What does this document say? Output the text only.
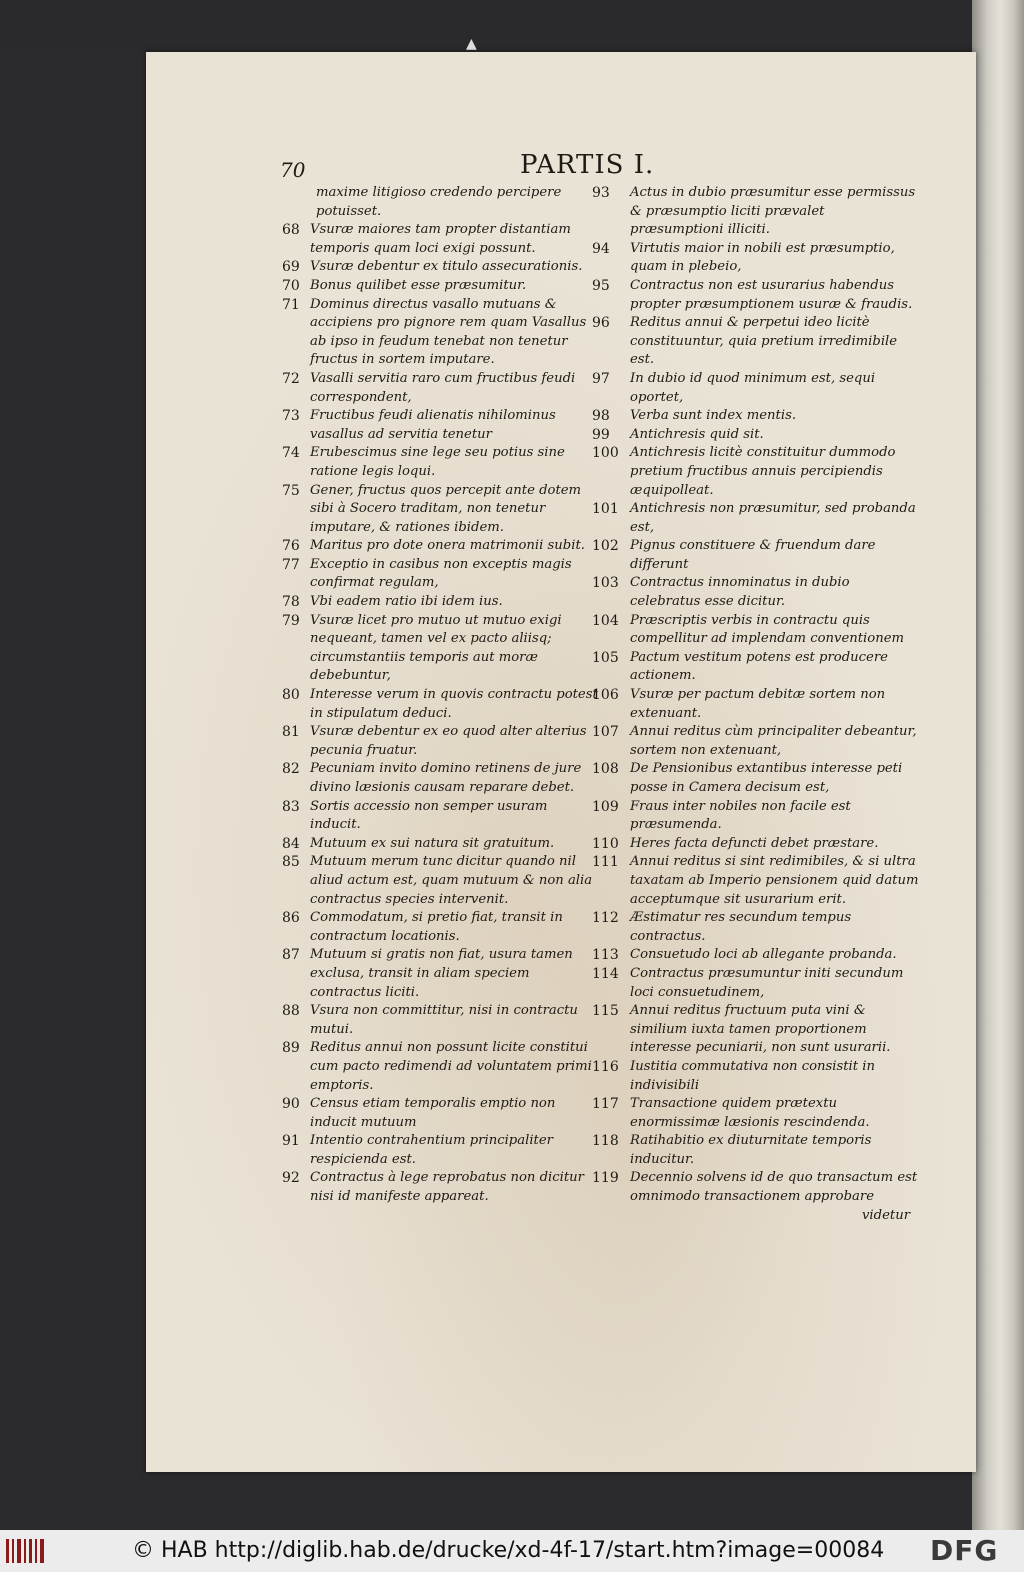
▲
70	PARTIS I.
maxime litigioso credendo percipere potuisset.
68 Vsuræ maiores tam propter distantiam temporis quam loci exigi possunt.
69 Vsuræ debentur ex titulo assecurationis.
70 Bonus quilibet esse præsumitur.
71 Dominus directus vasallo mutuans & accipiens pro pignore rem quam Vasallus ab ipso in feudum tenebat non tenetur fructus in sortem imputare.
72 Vasalli servitia raro cum fructibus feudi correspondent,
73 Fructibus feudi alienatis nihilominus vasallus ad servitia tenetur
74 Erubescimus sine lege seu potius sine ratione legis loqui.
75 Gener, fructus quos percepit ante dotem sibi à Socero traditam, non tenetur imputare, & rationes ibidem.
76 Maritus pro dote onera matrimonii subit.
77 Exceptio in casibus non exceptis magis confirmat regulam,
78 Vbi eadem ratio ibi idem ius.
79 Vsuræ licet pro mutuo ut mutuo exigi nequeant, tamen vel ex pacto aliisq; circumstantiis temporis aut moræ debebuntur,
80 Interesse verum in quovis contractu potest in stipulatum deduci.
81 Vsuræ debentur ex eo quod alter alterius pecunia fruatur.
82 Pecuniam invito domino retinens de jure divino læsionis causam reparare debet.
83 Sortis accessio non semper usuram inducit.
84 Mutuum ex sui natura sit gratuitum.
85 Mutuum merum tunc dicitur quando nil aliud actum est, quam mutuum & non alia contractus species intervenit.
86 Commodatum, si pretio fiat, transit in contractum locationis.
87 Mutuum si gratis non fiat, usura tamen exclusa, transit in aliam speciem contractus liciti.
88 Vsura non committitur, nisi in contractu mutui.
89 Reditus annui non possunt licite constitui cum pacto redimendi ad voluntatem primi emptoris.
90 Census etiam temporalis emptio non inducit mutuum
91 Intentio contrahentium principaliter respicienda est.
92 Contractus à lege reprobatus non dicitur nisi id manifeste appareat.
93	Actus in dubio præsumitur esse permissus & præsumptio liciti prævalet præsumptioni illiciti.
94	Virtutis maior in nobili est præsumptio, quam in plebeio,
95	Contractus non est usurarius habendus propter præsumptionem usuræ & fraudis.
96	Reditus annui & perpetui ideo licitè constituuntur, quia pretium irredimibile est.
97	In dubio id quod minimum est, sequi oportet,
98	Verba sunt index mentis.
99	Antichresis quid sit.
100 Antichresis licitè constituitur dummodo pretium fructibus annuis percipiendis æquipolleat.
101 Antichresis non præsumitur, sed probanda est,
102 Pignus constituere & fruendum dare differunt
103 Contractus innominatus in dubio celebratus esse dicitur.
104 Præscriptis verbis in contractu quis compellitur ad implendam conventionem
105 Pactum vestitum potens est producere actionem.
106 Vsuræ per pactum debitæ sortem non extenuant.
107 Annui reditus cùm principaliter debeantur, sortem non extenuant,
108 De Pensionibus extantibus interesse peti posse in Camera decisum est,
109 Fraus inter nobiles non facile est præsumenda.
110 Heres facta defuncti debet præstare.
111 Annui reditus si sint redimibiles, & si ultra taxatam ab Imperio pensionem quid datum acceptumque sit usurarium erit.
112 Æstimatur res secundum tempus contractus.
113 Consuetudo loci ab allegante probanda.
114 Contractus præsumuntur initi secundum loci consuetudinem,
115 Annui reditus fructuum puta vini & similium iuxta tamen proportionem interesse pecuniarii, non sunt usurarii.
116 Iustitia commutativa non consistit in indivisibili
117 Transactione quidem prætextu enormissimæ læsionis rescindenda.
118 Ratihabitio ex diuturnitate temporis inducitur.
119 Decennio solvens id de quo transactum est omnimodo transactionem approbare
videtur
© HAB http://diglib.hab.de/drucke/xd-4f-17/start.htm?image=00084 DFG
